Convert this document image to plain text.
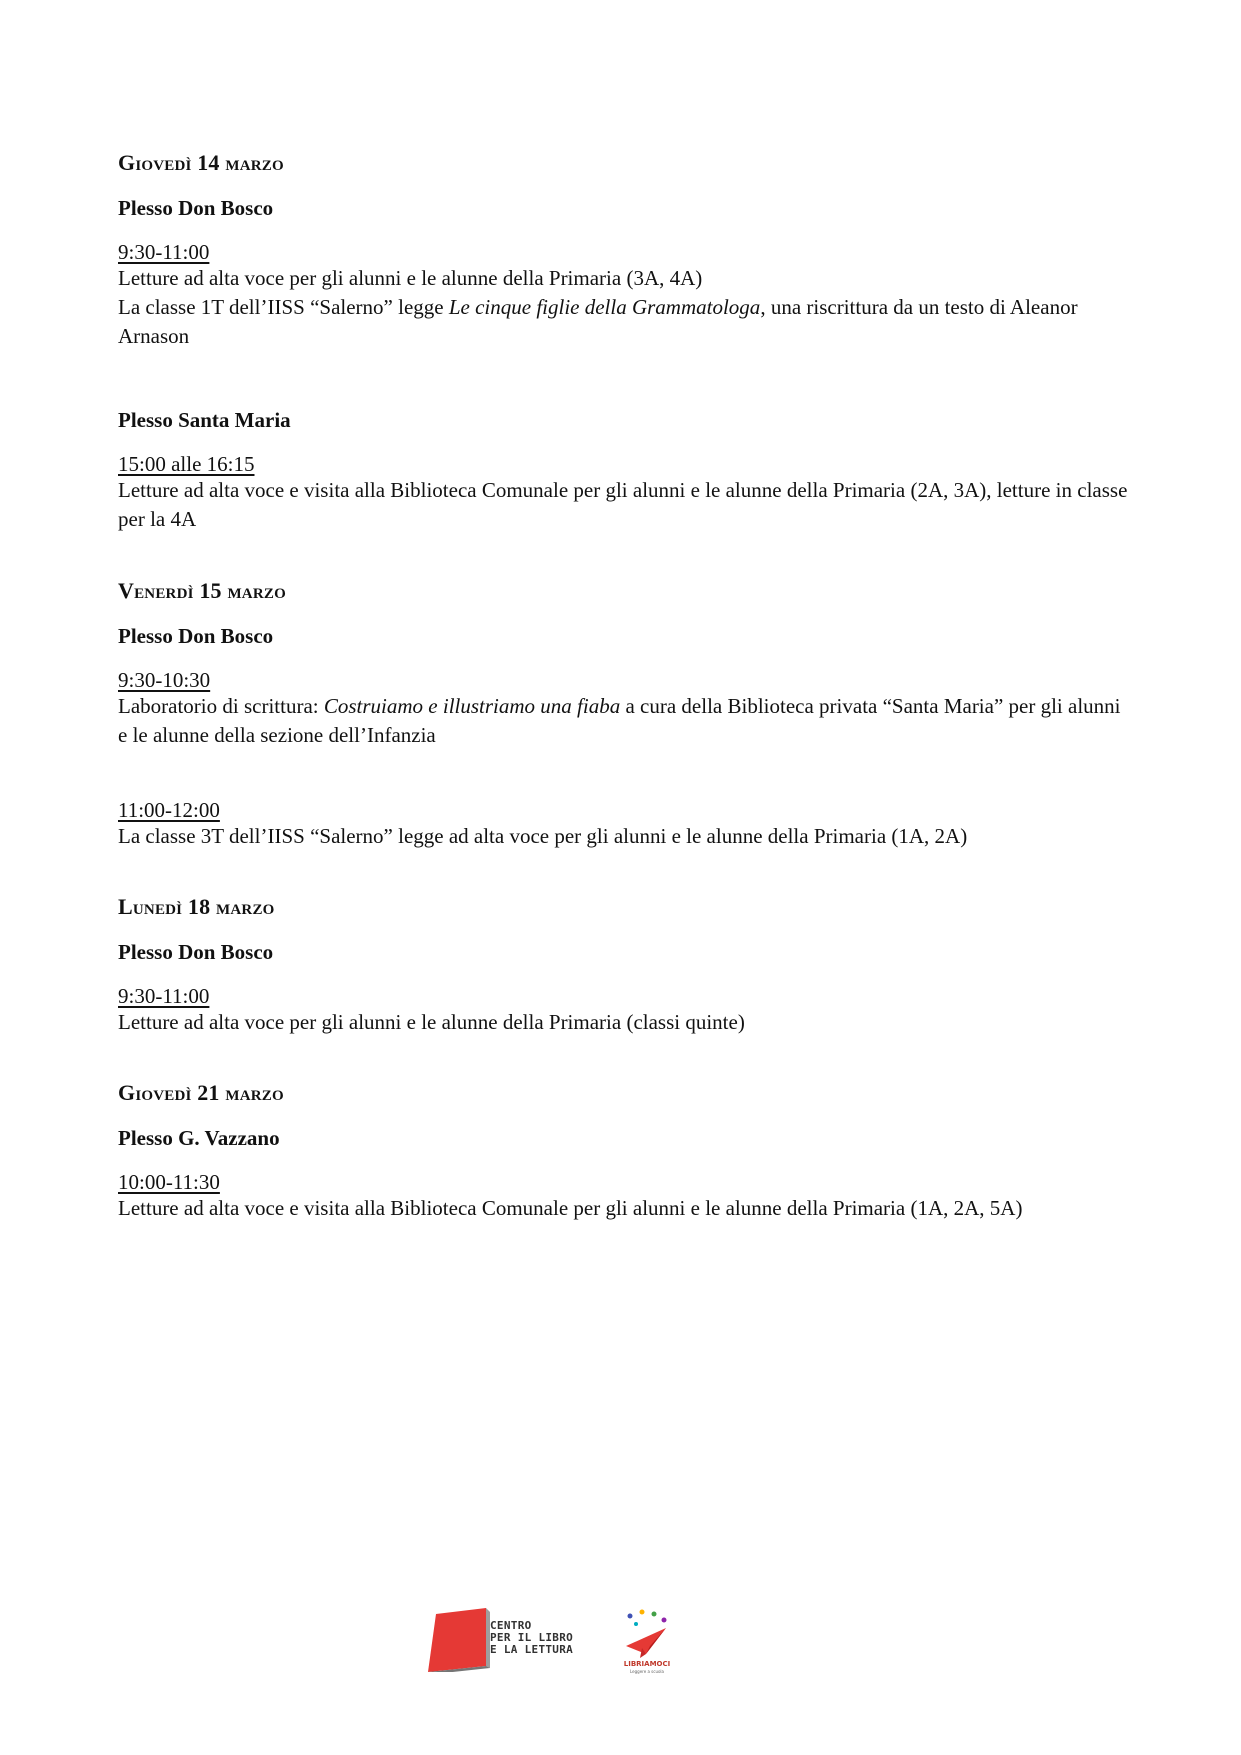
Giovedì 14 marzo
Plesso Don Bosco
9:30-11:00
Letture ad alta voce per gli alunni e le alunne della Primaria (3A, 4A)
La classe 1T dell’IISS “Salerno” legge Le cinque figlie della Grammatologa, una riscrittura da un testo di Aleanor Arnason
Plesso Santa Maria
15:00 alle 16:15
Letture ad alta voce e visita alla Biblioteca Comunale per gli alunni e le alunne della Primaria (2A, 3A), letture in classe per la 4A
Venerdì 15 marzo
Plesso Don Bosco
9:30-10:30
Laboratorio di scrittura: Costruiamo e illustriamo una fiaba a cura della Biblioteca privata “Santa Maria” per gli alunni e le alunne della sezione dell’Infanzia
11:00-12:00
La classe 3T dell’IISS “Salerno” legge ad alta voce per gli alunni e le alunne della Primaria (1A, 2A)
Lunedì 18 marzo
Plesso Don Bosco
9:30-11:00
Letture ad alta voce per gli alunni e le alunne della Primaria (classi quinte)
Giovedì 21 marzo
Plesso G. Vazzano
10:00-11:30
Letture ad alta voce e visita alla Biblioteca Comunale per gli alunni e le alunne della Primaria (1A, 2A, 5A)
CENTRO
PER IL LIBRO
E LA LETTURA
LIBRIAMOCI
Leggere a scuola
